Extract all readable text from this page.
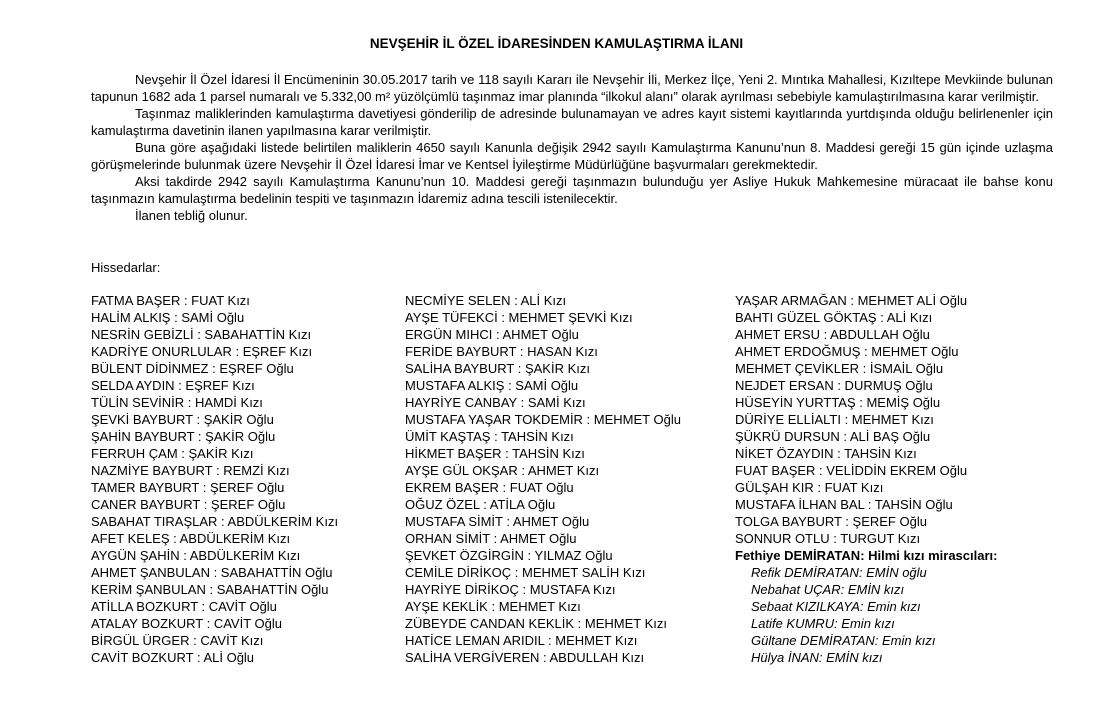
NEVŞEHİR İL ÖZEL İDARESİNDEN KAMULAŞTIRMA İLANI

Nevşehir İl Özel İdaresi İl Encümeninin 30.05.2017 tarih ve 118 sayılı Kararı ile Nevşehir İli, Merkez İlçe, Yeni 2. Mıntıka Mahallesi, Kızıltepe Mevkiinde bulunan tapunun 1682 ada 1 parsel numaralı ve 5.332,00 m² yüzölçümlü taşınmaz imar planında “ilkokul alanı” olarak ayrılması sebebiyle kamulaştırılmasına karar verilmiştir.

Taşınmaz maliklerinden kamulaştırma davetiyesi gönderilip de adresinde bulunamayan ve adres kayıt sistemi kayıtlarında yurtdışında olduğu belirlenenler için kamulaştırma davetinin ilanen yapılmasına karar verilmiştir.

Buna göre aşağıdaki listede belirtilen maliklerin 4650 sayılı Kanunla değişik 2942 sayılı Kamulaştırma Kanunu’nun 8. Maddesi gereği 15 gün içinde uzlaşma görüşmelerinde bulunmak üzere Nevşehir İl Özel İdaresi İmar ve Kentsel İyileştirme Müdürlüğüne başvurmaları gerekmektedir.

Aksi takdirde 2942 sayılı Kamulaştırma Kanunu’nun 10. Maddesi gereği taşınmazın bulunduğu yer Asliye Hukuk Mahkemesine müracaat ile bahse konu taşınmazın kamulaştırma bedelinin tespiti ve taşınmazın İdaremiz adına tescili istenilecektir.

İlanen tebliğ olunur.

Hissedarlar:
FATMA BAŞER : FUAT Kızı
HALİM ALKIŞ : SAMİ Oğlu
NESRİN GEBİZLİ : SABAHATTİN Kızı
KADRİYE ONURLULAR : EŞREF Kızı
BÜLENT DİDİNMEZ : EŞREF Oğlu
SELDA AYDIN : EŞREF Kızı
TÜLİN SEVİNİR : HAMDİ Kızı
ŞEVKİ BAYBURT : ŞAKİR Oğlu
ŞAHİN BAYBURT : ŞAKİR Oğlu
FERRUH ÇAM : ŞAKİR Kızı
NAZMİYE BAYBURT : REMZİ Kızı
TAMER BAYBURT : ŞEREF Oğlu
CANER BAYBURT : ŞEREF Oğlu
SABAHAT TIRAŞLAR : ABDÜLKERİM Kızı
AFET KELEŞ : ABDÜLKERİM Kızı
AYGÜN ŞAHİN : ABDÜLKERİM Kızı
AHMET ŞANBULAN : SABAHATTİN Oğlu
KERİM ŞANBULAN : SABAHATTİN Oğlu
ATİLLA BOZKURT : CAVİT Oğlu
ATALAY BOZKURT : CAVİT Oğlu
BİRGÜL ÜRGER : CAVİT Kızı
CAVİT BOZKURT : ALİ Oğlu
NECMİYE SELEN : ALİ Kızı
AYŞE TÜFEKCİ : MEHMET ŞEVKİ Kızı
ERGÜN MIHCI : AHMET Oğlu
FERİDE BAYBURT : HASAN Kızı
SALİHA BAYBURT : ŞAKİR Kızı
MUSTAFA ALKIŞ : SAMİ Oğlu
HAYRİYE CANBAY : SAMİ Kızı
MUSTAFA YAŞAR TOKDEMİR : MEHMET Oğlu
ÜMİT KAŞTAŞ : TAHSİN Kızı
HİKMET BAŞER : TAHSİN Kızı
AYŞE GÜL OKŞAR : AHMET Kızı
EKREM BAŞER : FUAT Oğlu
OĞUZ ÖZEL : ATİLA Oğlu
MUSTAFA SİMİT : AHMET Oğlu
ORHAN SİMİT : AHMET Oğlu
ŞEVKET ÖZGİRGİN : YILMAZ Oğlu
CEMİLE DİRİKOÇ : MEHMET SALİH Kızı
HAYRİYE DİRİKOÇ : MUSTAFA Kızı
AYŞE KEKLİK : MEHMET Kızı
ZÜBEYDE CANDAN KEKLİK : MEHMET Kızı
HATİCE LEMAN ARIDIL : MEHMET Kızı
SALİHA VERGİVEREN : ABDULLAH Kızı
YAŞAR ARMAĞAN : MEHMET ALİ Oğlu
BAHTI GÜZEL GÖKTAŞ : ALİ Kızı
AHMET ERSU : ABDULLAH Oğlu
AHMET ERDOĞMUŞ : MEHMET Oğlu
MEHMET ÇEVİKLER : İSMAİL Oğlu
NEJDET ERSAN : DURMUŞ Oğlu
HÜSEYİN YURTTAŞ : MEMİŞ Oğlu
DÜRİYE ELLİALTI : MEHMET Kızı
ŞÜKRÜ DURSUN : ALİ BAŞ Oğlu
NİKET ÖZAYDIN : TAHSİN Kızı
FUAT BAŞER : VELİDDİN EKREM Oğlu
GÜLŞAH KIR : FUAT Kızı
MUSTAFA İLHAN BAL : TAHSİN Oğlu
TOLGA BAYBURT : ŞEREF Oğlu
SONNUR OTLU : TURGUT Kızı
Fethiye DEMİRATAN: Hilmi kızı mirascıları:
Refik DEMİRATAN: EMİN oğlu
Nebahat UÇAR: EMİN kızı
Sebaat KIZILKAYA: Emin kızı
Latife KUMRU: Emin kızı
Gültane DEMİRATAN: Emin kızı
Hülya İNAN: EMİN kızı
